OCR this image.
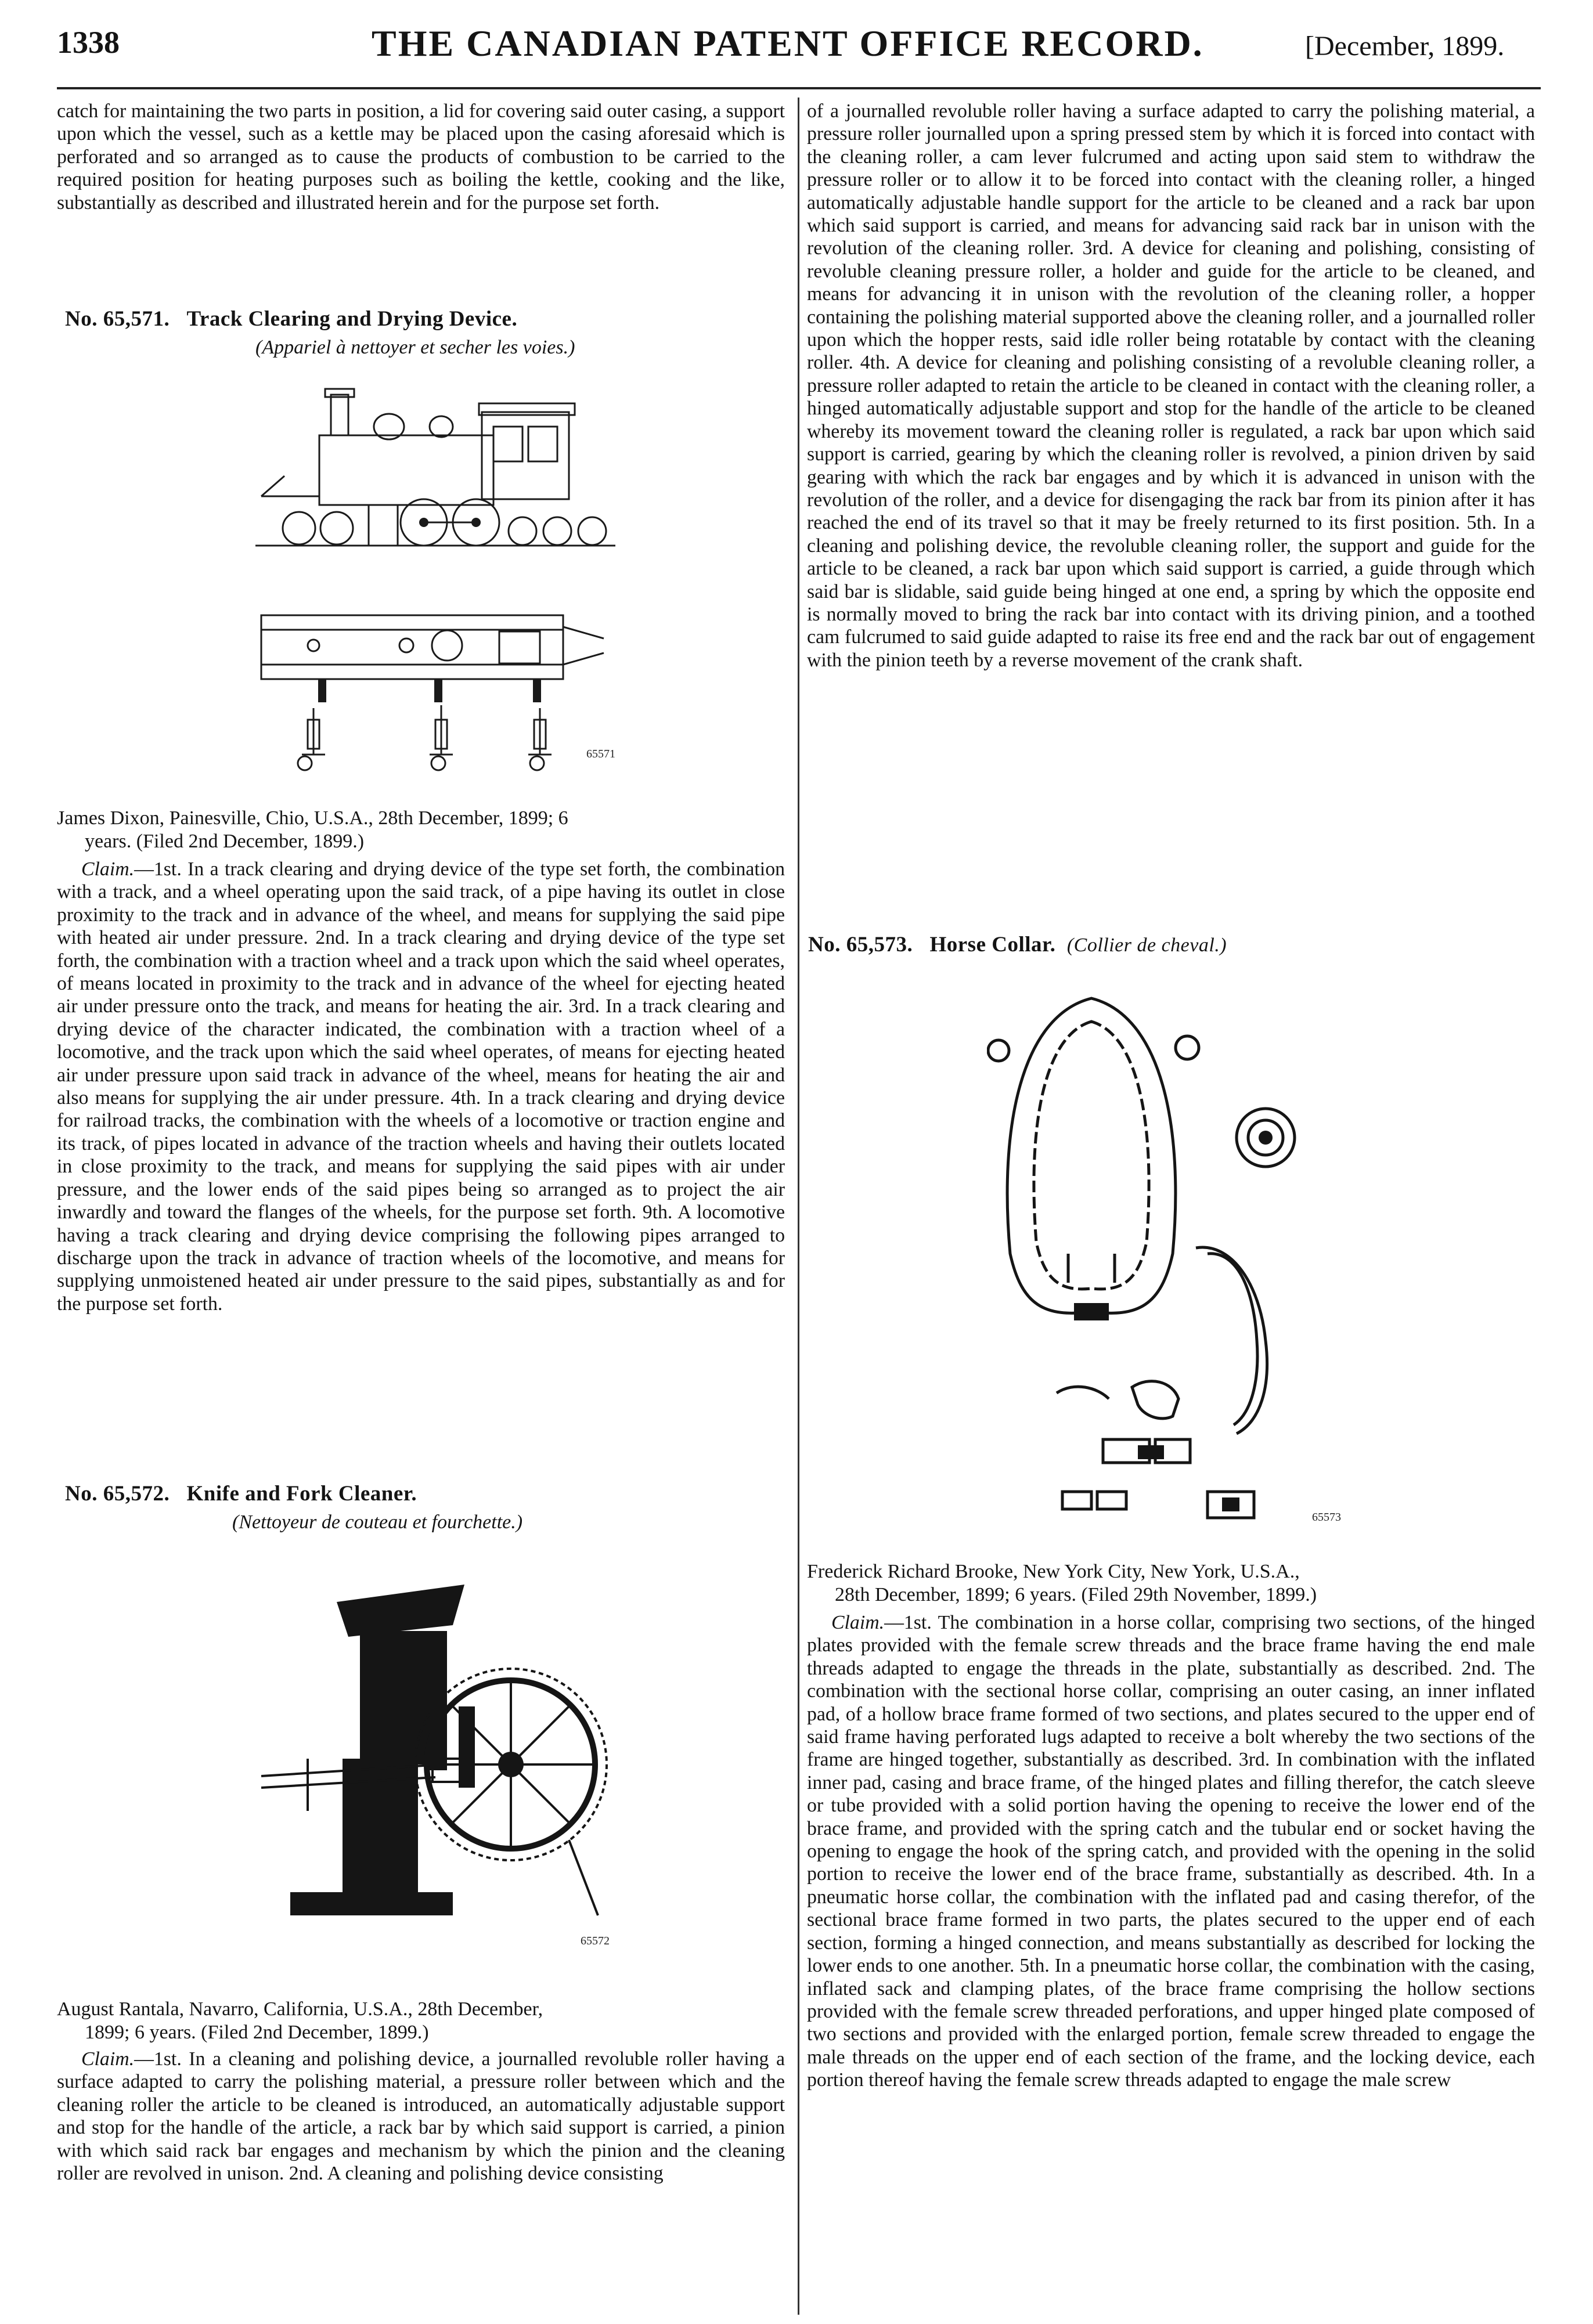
1338	THE CANADIAN PATENT OFFICE RECORD.	[December, 1899.

catch for maintaining the two parts in position, a lid for covering said outer casing, a support upon which the vessel, such as a kettle may be placed upon the casing aforesaid which is perforated and so arranged as to cause the products of combustion to be carried to the required position for heating purposes such as boiling the kettle, cooking and the like, substantially as described and illustrated herein and for the purpose set forth.

No. 65,571. Track Clearing and Drying Device.
(Appariel à nettoyer et secher les voies.)
65571
James Dixon, Painesville, Chio, U.S.A., 28th December, 1899; 6
years. (Filed 2nd December, 1899.)

Claim.—1st. In a track clearing and drying device of the type set forth, the combination with a track, and a wheel operating upon the said track, of a pipe having its outlet in close proximity to the track and in advance of the wheel, and means for supplying the said pipe with heated air under pressure. 2nd. In a track clearing and drying device of the type set forth, the combination with a traction wheel and a track upon which the said wheel operates, of means located in proximity to the track and in advance of the wheel for ejecting heated air under pressure onto the track, and means for heating the air. 3rd. In a track clearing and drying device of the character indicated, the combination with a traction wheel of a locomotive, and the track upon which the said wheel operates, of means for ejecting heated air under pressure upon said track in advance of the wheel, means for heating the air and also means for supplying the air under pressure. 4th. In a track clearing and drying device for railroad tracks, the combination with the wheels of a locomotive or traction engine and its track, of pipes located in advance of the traction wheels and having their outlets located in close proximity to the track, and means for supplying the said pipes with air under pressure, and the lower ends of the said pipes being so arranged as to project the air inwardly and toward the flanges of the wheels, for the purpose set forth. 9th. A locomotive having a track clearing and drying device comprising the following pipes arranged to discharge upon the track in advance of traction wheels of the locomotive, and means for supplying unmoistened heated air under pressure to the said pipes, substantially as and for the purpose set forth.

No. 65,572. Knife and Fork Cleaner.
(Nettoyeur de couteau et fourchette.)
65572
August Rantala, Navarro, California, U.S.A., 28th December,
1899; 6 years. (Filed 2nd December, 1899.)

Claim.—1st. In a cleaning and polishing device, a journalled revoluble roller having a surface adapted to carry the polishing material, a pressure roller between which and the cleaning roller the article to be cleaned is introduced, an automatically adjustable support and stop for the handle of the article, a rack bar by which said support is carried, a pinion with which said rack bar engages and mechanism by which the pinion and the cleaning roller are revolved in unison. 2nd. A cleaning and polishing device consisting

of a journalled revoluble roller having a surface adapted to carry the polishing material, a pressure roller journalled upon a spring pressed stem by which it is forced into contact with the cleaning roller, a cam lever fulcrumed and acting upon said stem to withdraw the pressure roller or to allow it to be forced into contact with the cleaning roller, a hinged automatically adjustable handle support for the article to be cleaned and a rack bar upon which said support is carried, and means for advancing said rack bar in unison with the revolution of the cleaning roller. 3rd. A device for cleaning and polishing, consisting of revoluble cleaning pressure roller, a holder and guide for the article to be cleaned, and means for advancing it in unison with the revolution of the cleaning roller, a hopper containing the polishing material supported above the cleaning roller, and a journalled roller upon which the hopper rests, said idle roller being rotatable by contact with the cleaning roller. 4th. A device for cleaning and polishing consisting of a revoluble cleaning roller, a pressure roller adapted to retain the article to be cleaned in contact with the cleaning roller, a hinged automatically adjustable support and stop for the handle of the article to be cleaned whereby its movement toward the cleaning roller is regulated, a rack bar upon which said support is carried, gearing by which the cleaning roller is revolved, a pinion driven by said gearing with which the rack bar engages and by which it is advanced in unison with the revolution of the roller, and a device for disengaging the rack bar from its pinion after it has reached the end of its travel so that it may be freely returned to its first position. 5th. In a cleaning and polishing device, the revoluble cleaning roller, the support and guide for the article to be cleaned, a rack bar upon which said support is carried, a guide through which said bar is slidable, said guide being hinged at one end, a spring by which the opposite end is normally moved to bring the rack bar into contact with its driving pinion, and a toothed cam fulcrumed to said guide adapted to raise its free end and the rack bar out of engagement with the pinion teeth by a reverse movement of the crank shaft.

No. 65,573. Horse Collar. (Collier de cheval.)
65573
Frederick Richard Brooke, New York City, New York, U.S.A.,
28th December, 1899; 6 years. (Filed 29th November, 1899.)

Claim.—1st. The combination in a horse collar, comprising two sections, of the hinged plates provided with the female screw threads and the brace frame having the end male threads adapted to engage the threads in the plate, substantially as described. 2nd. The combination with the sectional horse collar, comprising an outer casing, an inner inflated pad, of a hollow brace frame formed of two sections, and plates secured to the upper end of said frame having perforated lugs adapted to receive a bolt whereby the two sections of the frame are hinged together, substantially as described. 3rd. In combination with the inflated inner pad, casing and brace frame, of the hinged plates and filling therefor, the catch sleeve or tube provided with a solid portion having the opening to receive the lower end of the brace frame, and provided with the spring catch and the tubular end or socket having the opening to engage the hook of the spring catch, and provided with the opening in the solid portion to receive the lower end of the brace frame, substantially as described. 4th. In a pneumatic horse collar, the combination with the inflated pad and casing therefor, of the sectional brace frame formed in two parts, the plates secured to the upper end of each section, forming a hinged connection, and means substantially as described for locking the lower ends to one another. 5th. In a pneumatic horse collar, the combination with the casing, inflated sack and clamping plates, of the brace frame comprising the hollow sections provided with the female screw threaded perforations, and upper hinged plate composed of two sections and provided with the enlarged portion, female screw threaded to engage the male threads on the upper end of each section of the frame, and the locking device, each portion thereof having the female screw threads adapted to engage the male screw
